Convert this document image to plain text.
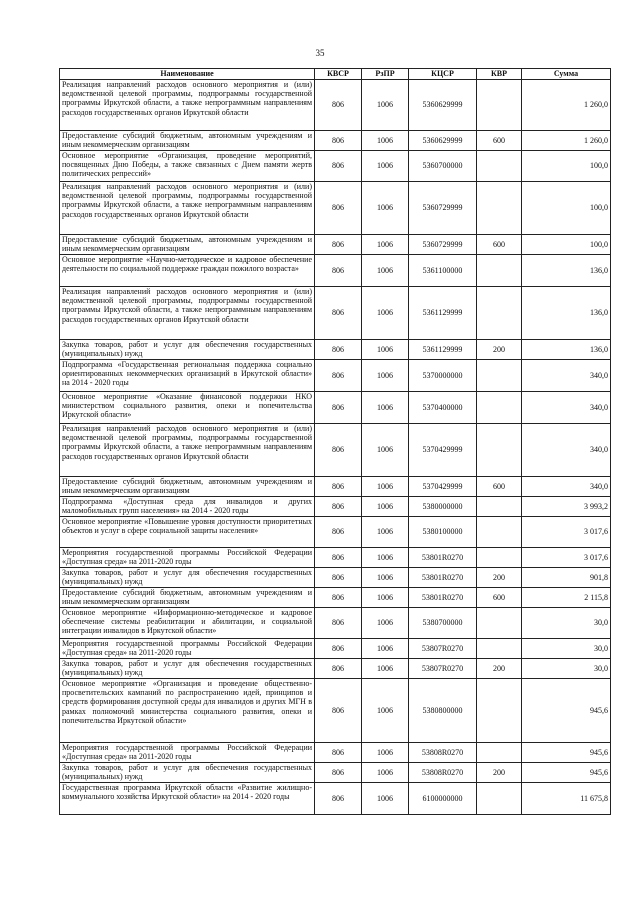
35
Наименование	КВСР	РзПР	КЦСР	КВР	Сумма
Реализация направлений расходов основного мероприятия и (или) ведомственной целевой программы, подпрограммы государственной программы Иркутской области, а также непрограммным направлениям расходов государственных органов Иркутской области	806	1006	5360629999		1 260,0
Предоставление субсидий бюджетным, автономным учреждениям и иным некоммерческим организациям	806	1006	5360629999	600	1 260,0
Основное мероприятие «Организация, проведение мероприятий, посвященных Дню Победы, а также связанных с Днем памяти жертв политических репрессий»	806	1006	5360700000		100,0
Реализация направлений расходов основного мероприятия и (или) ведомственной целевой программы, подпрограммы государственной программы Иркутской области, а также непрограммным направлениям расходов государственных органов Иркутской области	806	1006	5360729999		100,0
Предоставление субсидий бюджетным, автономным учреждениям и иным некоммерческим организациям	806	1006	5360729999	600	100,0
Основное мероприятие «Научно-методическое и кадровое обеспечение деятельности по социальной поддержке граждан пожилого возраста»	806	1006	5361100000		136,0
Реализация направлений расходов основного мероприятия и (или) ведомственной целевой программы, подпрограммы государственной программы Иркутской области, а также непрограммным направлениям расходов государственных органов Иркутской области	806	1006	5361129999		136,0
Закупка товаров, работ и услуг для обеспечения государственных (муниципальных) нужд	806	1006	5361129999	200	136,0
Подпрограмма «Государственная региональная поддержка социально ориентированных некоммерческих организаций в Иркутской области» на 2014 - 2020 годы	806	1006	5370000000		340,0
Основное мероприятие «Оказание финансовой поддержки НКО министерством социального развития, опеки и попечительства Иркутской области»	806	1006	5370400000		340,0
Реализация направлений расходов основного мероприятия и (или) ведомственной целевой программы, подпрограммы государственной программы Иркутской области, а также непрограммным направлениям расходов государственных органов Иркутской области	806	1006	5370429999		340,0
Предоставление субсидий бюджетным, автономным учреждениям и иным некоммерческим организациям	806	1006	5370429999	600	340,0
Подпрограмма «Доступная среда для инвалидов и других маломобильных групп населения» на 2014 - 2020 годы	806	1006	5380000000		3 993,2
Основное мероприятие «Повышение уровня доступности приоритетных объектов и услуг в сфере социальной защиты населения»	806	1006	5380100000		3 017,6
Мероприятия государственной программы Российской Федерации «Доступная среда» на 2011-2020 годы	806	1006	53801R0270		3 017,6
Закупка товаров, работ и услуг для обеспечения государственных (муниципальных) нужд	806	1006	53801R0270	200	901,8
Предоставление субсидий бюджетным, автономным учреждениям и иным некоммерческим организациям	806	1006	53801R0270	600	2 115,8
Основное мероприятие «Информационно-методическое и кадровое обеспечение системы реабилитации и абилитации, и социальной интеграции инвалидов в Иркутской области»	806	1006	5380700000		30,0
Мероприятия государственной программы Российской Федерации «Доступная среда» на 2011-2020 годы	806	1006	53807R0270		30,0
Закупка товаров, работ и услуг для обеспечения государственных (муниципальных) нужд	806	1006	53807R0270	200	30,0
Основное мероприятие «Организация и проведение общественно-просветительских кампаний по распространению идей, принципов и средств формирования доступной среды для инвалидов и других МГН в рамках полномочий министерства социального развития, опеки и попечительства Иркутской области»	806	1006	5380800000		945,6
Мероприятия государственной программы Российской Федерации «Доступная среда» на 2011-2020 годы	806	1006	53808R0270		945,6
Закупка товаров, работ и услуг для обеспечения государственных (муниципальных) нужд	806	1006	53808R0270	200	945,6
Государственная программа Иркутской области «Развитие жилищно-коммунального хозяйства Иркутской области» на 2014 - 2020 годы	806	1006	6100000000		11 675,8
